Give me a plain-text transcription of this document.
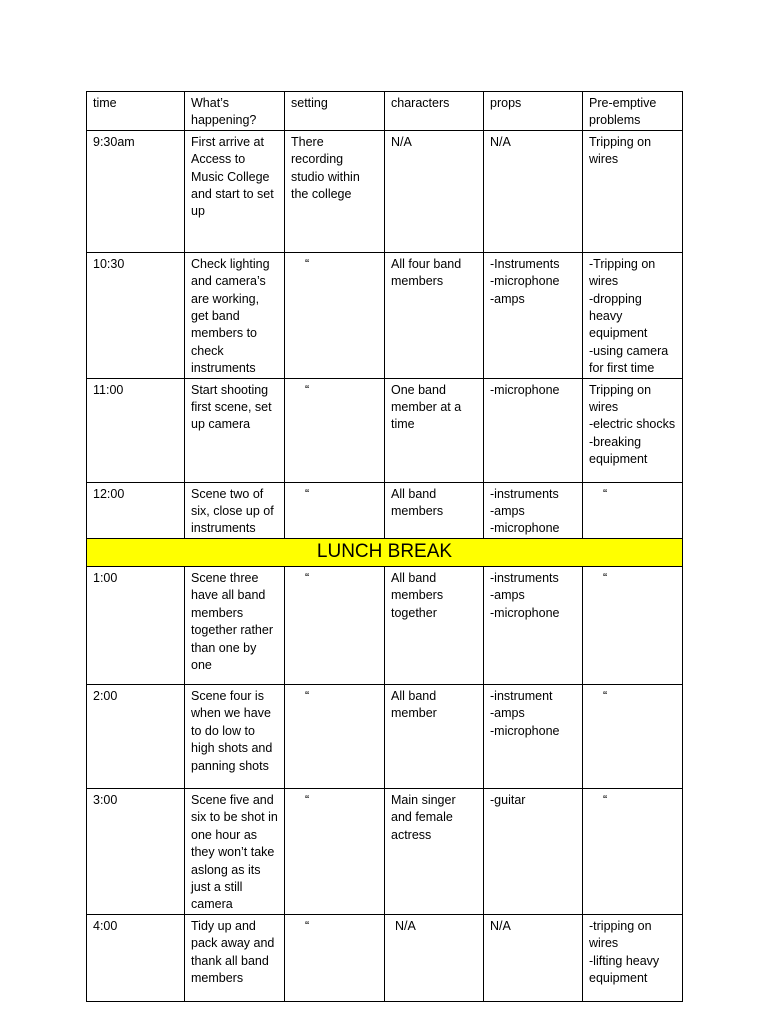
time	What’s happening?	setting	characters	props	Pre-emptive problems
9:30am	First arrive at Access to Music College and start to set up	There recording studio within the college	N/A	N/A	Tripping on wires
10:30	Check lighting and camera’s are working, get band members to check instruments	“	All four band members	-Instruments
-microphone
-amps	-Tripping on wires
-dropping heavy equipment
-using camera for first time
11:00	Start shooting first scene, set up camera	“	One band member at a time	-microphone	Tripping on wires
-electric shocks
-breaking equipment
12:00	Scene two of six, close up of instruments	“	All band members	-instruments
-amps
-microphone	“
LUNCH BREAK					
1:00	Scene three have all band members together rather than one by one	“	All band members together	-instruments
-amps
-microphone	“
2:00	Scene four is when we have to do low to high shots and panning shots	“	All band member	-instrument
-amps
-microphone	“
3:00	Scene five and six to be shot in one hour as they won’t take aslong as its just a still camera	“	Main singer and female actress	-guitar	“
4:00	Tidy up and pack away and thank all band members	“	N/A	N/A	-tripping on wires
-lifting heavy equipment
